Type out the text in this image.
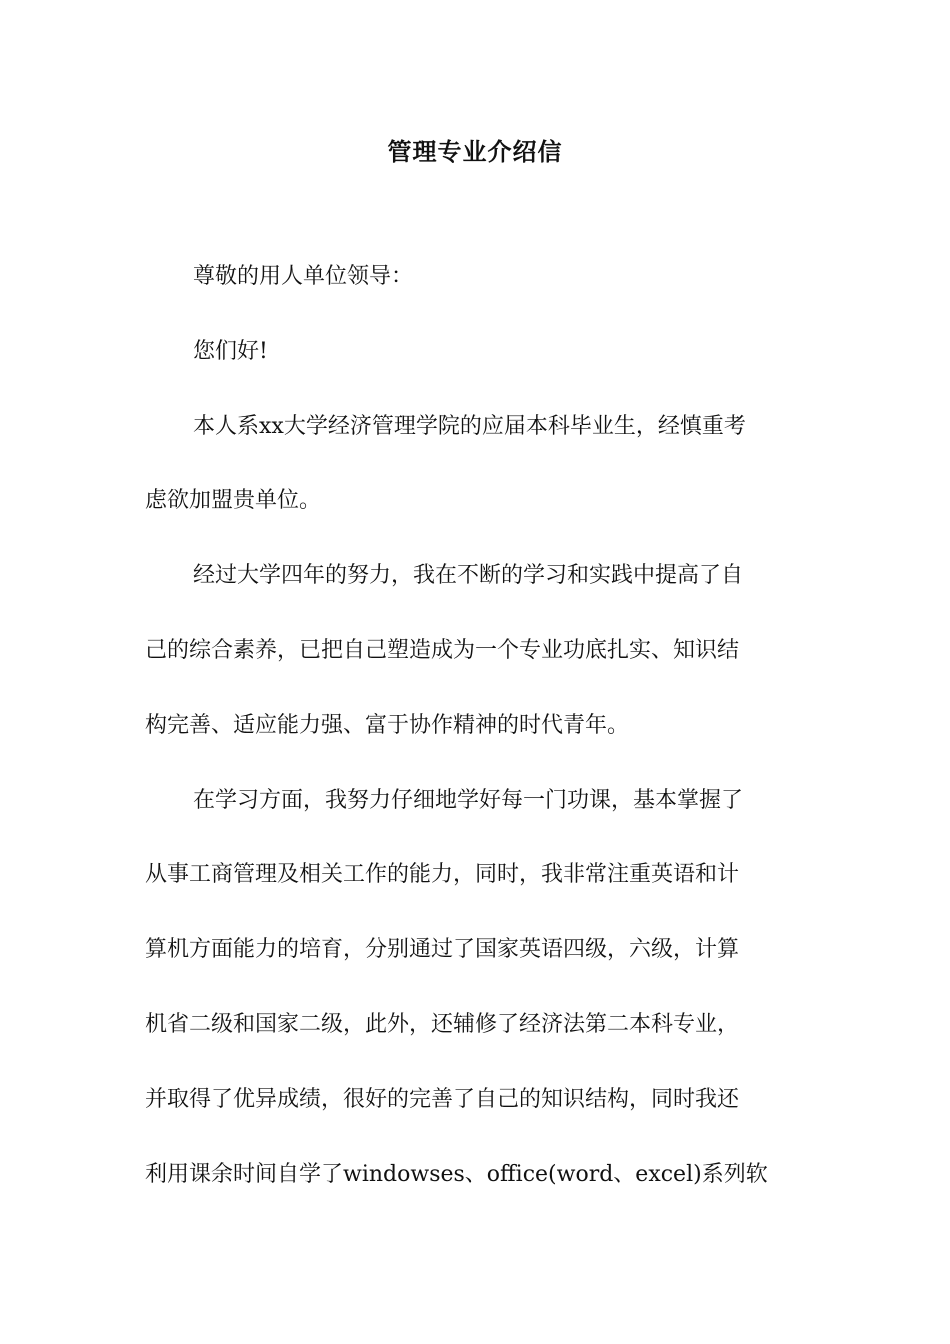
管理专业介绍信
尊敬的用人单位领导：
您们好!
本人系xx大学经济管理学院的应届本科毕业生，经慎重考
虑欲加盟贵单位。
经过大学四年的努力，我在不断的学习和实践中提高了自
己的综合素养，已把自己塑造成为一个专业功底扎实、知识结
构完善、适应能力强、富于协作精神的时代青年。
在学习方面，我努力仔细地学好每一门功课，基本掌握了
从事工商管理及相关工作的能力，同时，我非常注重英语和计
算机方面能力的培育，分别通过了国家英语四级，六级，计算
机省二级和国家二级，此外，还辅修了经济法第二本科专业，
并取得了优异成绩，很好的完善了自己的知识结构，同时我还
利用课余时间自学了windowses、office(word、excel)系列软
